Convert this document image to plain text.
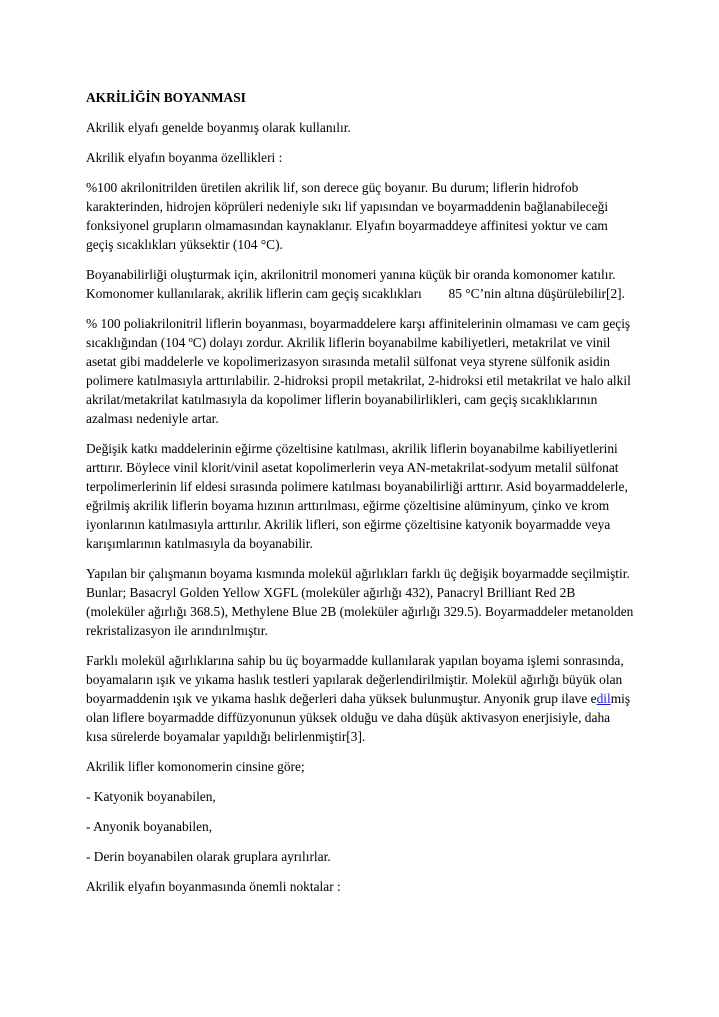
AKRİLİĞİN BOYANMASI

Akrilik elyafı genelde boyanmış olarak kullanılır.

Akrilik elyafın boyanma özellikleri :

%100 akrilonitrilden üretilen akrilik lif, son derece güç boyanır. Bu durum; liflerin hidrofob karakterinden, hidrojen köprüleri nedeniyle sıkı lif yapısından ve boyarmaddenin bağlanabileceği fonksiyonel grupların olmamasından kaynaklanır. Elyafın boyarmaddeye affinitesi yoktur ve cam geçiş sıcaklıkları yüksektir (104 °C).

Boyanabilirliği oluşturmak için, akrilonitril monomeri yanına küçük bir oranda komonomer katılır. Komonomer kullanılarak, akrilik liflerin cam geçiş sıcaklıkları        85 °C’nin altına düşürülebilir[2].

% 100 poliakrilonitril liflerin boyanması, boyarmaddelere karşı affinitelerinin olmaması ve cam geçiş sıcaklığından (104 ºC) dolayı zordur. Akrilik liflerin boyanabilme kabiliyetleri, metakrilat ve vinil asetat gibi maddelerle ve kopolimerizasyon sırasında metalil sülfonat veya styrene sülfonik asidin polimere katılmasıyla arttırılabilir. 2-hidroksi propil metakrilat, 2-hidroksi etil metakrilat ve halo alkil akrilat/metakrilat katılmasıyla da kopolimer liflerin boyanabilirlikleri, cam geçiş sıcaklıklarının azalması nedeniyle artar.

Değişik katkı maddelerinin eğirme çözeltisine katılması, akrilik liflerin boyanabilme kabiliyetlerini arttırır. Böylece vinil klorit/vinil asetat kopolimerlerin veya AN-metakrilat-sodyum metalil sülfonat terpolimerlerinin lif eldesi sırasında polimere katılması boyanabilirliği arttırır. Asid boyarmaddelerle, eğrilmiş akrilik liflerin boyama hızının arttırılması, eğirme çözeltisine alüminyum, çinko ve krom iyonlarının katılmasıyla arttırılır. Akrilik lifleri, son eğirme çözeltisine katyonik boyarmadde veya karışımlarının katılmasıyla da boyanabilir.

Yapılan bir çalışmanın boyama kısmında molekül ağırlıkları farklı üç değişik boyarmadde seçilmiştir. Bunlar; Basacryl Golden Yellow XGFL (moleküler ağırlığı 432), Panacryl Brilliant Red 2B (moleküler ağırlığı 368.5), Methylene Blue 2B (moleküler ağırlığı 329.5). Boyarmaddeler metanolden rekristalizasyon ile arındırılmıştır.

Farklı molekül ağırlıklarına sahip bu üç boyarmadde kullanılarak yapılan boyama işlemi sonrasında, boyamaların ışık ve yıkama haslık testleri yapılarak değerlendirilmiştir. Molekül ağırlığı büyük olan boyarmaddenin ışık ve yıkama haslık değerleri daha yüksek bulunmuştur. Anyonik grup ilave edilmiş olan liflere boyarmadde diffüzyonunun yüksek olduğu ve daha düşük aktivasyon enerjisiyle, daha kısa sürelerde boyamalar yapıldığı belirlenmiştir[3].

Akrilik lifler komonomerin cinsine göre;

- Katyonik boyanabilen,

- Anyonik boyanabilen,

- Derin boyanabilen olarak gruplara ayrılırlar.

Akrilik elyafın boyanmasında önemli noktalar :
